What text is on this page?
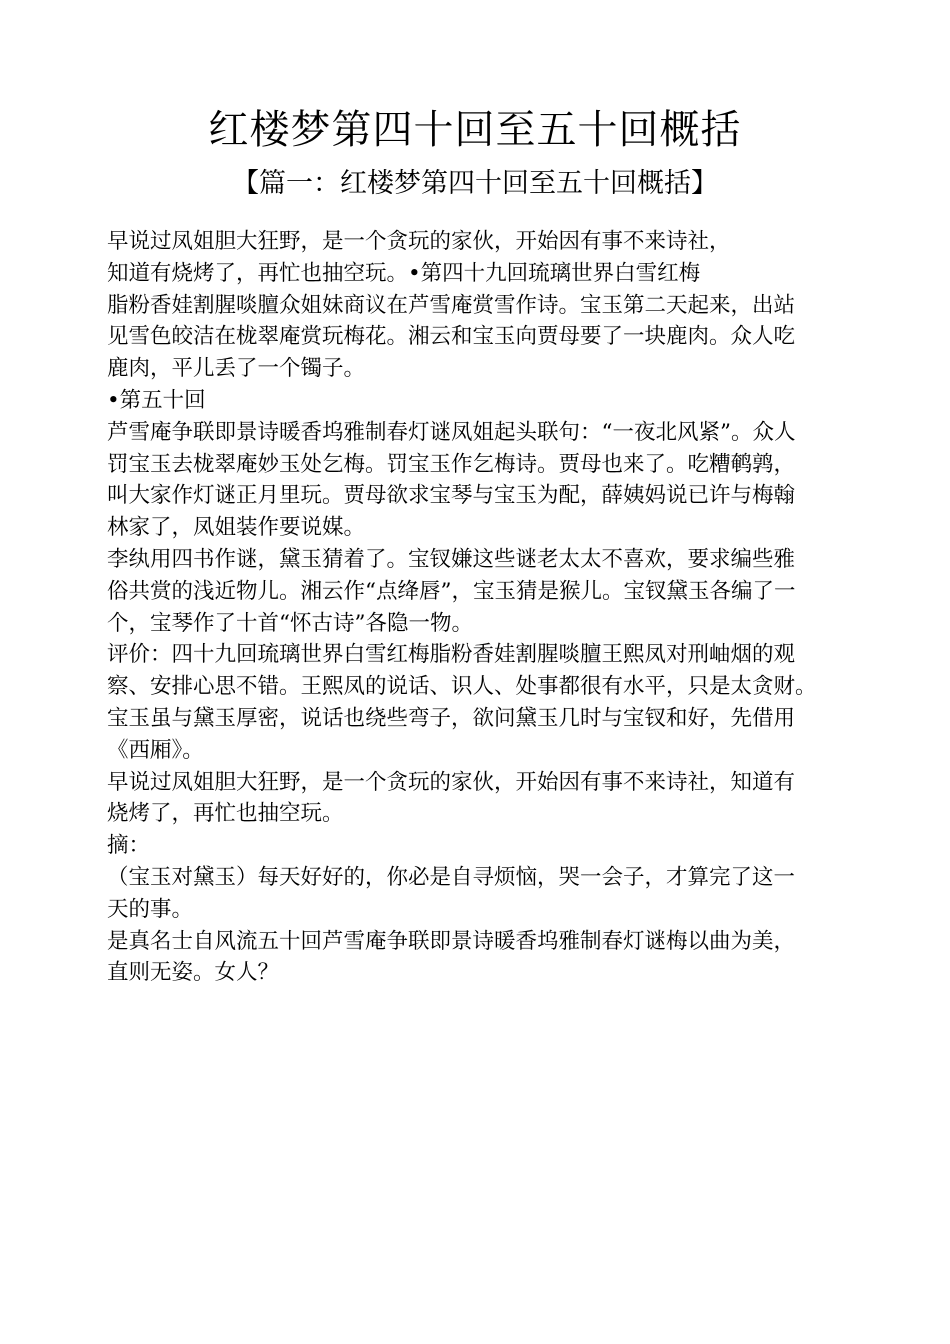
红楼梦第四十回至五十回概括
【篇一：红楼梦第四十回至五十回概括】
早说过凤姐胆大狂野，是一个贪玩的家伙，开始因有事不来诗社，
知道有烧烤了，再忙也抽空玩。•第四十九回琉璃世界白雪红梅
脂粉香娃割腥啖膻众姐妹商议在芦雪庵赏雪作诗。宝玉第二天起来，出站
见雪色皎洁在栊翠庵赏玩梅花。湘云和宝玉向贾母要了一块鹿肉。众人吃
鹿肉，平儿丢了一个镯子。
•第五十回
芦雪庵争联即景诗暖香坞雅制春灯谜凤姐起头联句：“一夜北风紧”。众人
罚宝玉去栊翠庵妙玉处乞梅。罚宝玉作乞梅诗。贾母也来了。吃糟鹌鹑，
叫大家作灯谜正月里玩。贾母欲求宝琴与宝玉为配，薛姨妈说已许与梅翰
林家了，凤姐装作要说媒。
李纨用四书作谜，黛玉猜着了。宝钗嫌这些谜老太太不喜欢，要求编些雅
俗共赏的浅近物儿。湘云作“点绛唇”，宝玉猜是猴儿。宝钗黛玉各编了一
个，宝琴作了十首“怀古诗”各隐一物。
评价：四十九回琉璃世界白雪红梅脂粉香娃割腥啖膻王熙凤对刑岫烟的观
察、安排心思不错。王熙凤的说话、识人、处事都很有水平，只是太贪财。
宝玉虽与黛玉厚密，说话也绕些弯子，欲问黛玉几时与宝钗和好，先借用
《西厢》。
早说过凤姐胆大狂野，是一个贪玩的家伙，开始因有事不来诗社，知道有
烧烤了，再忙也抽空玩。
摘：
（宝玉对黛玉）每天好好的，你必是自寻烦恼，哭一会子，才算完了这一
天的事。
是真名士自风流五十回芦雪庵争联即景诗暖香坞雅制春灯谜梅以曲为美，
直则无姿。女人？
